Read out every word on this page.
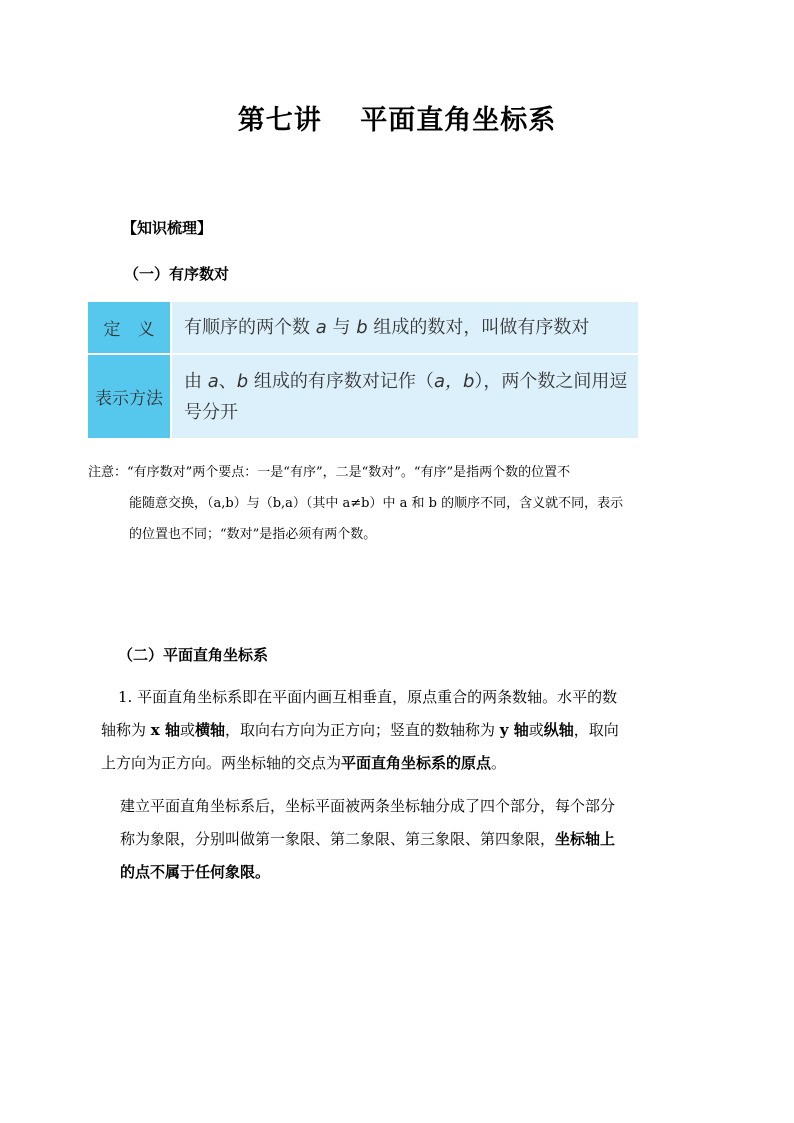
第七讲　 平面直角坐标系
【知识梳理】
（一）有序数对
定　义	有顺序的两个数 a 与 b 组成的数对，叫做有序数对
表示方法	由 a、b 组成的有序数对记作（a，b），两个数之间用逗
号分开
注意：“有序数对”两个要点：一是“有序”，二是“数对”。“有序”是指两个数的位置不
能随意交换，（a,b）与（b,a）（其中 a≠b）中 a 和 b 的顺序不同，含义就不同，表示
的位置也不同；“数对”是指必须有两个数。
（二）平面直角坐标系
1. 平面直角坐标系即在平面内画互相垂直，原点重合的两条数轴。水平的数
轴称为 x 轴或横轴，取向右方向为正方向；竖直的数轴称为 y 轴或纵轴，取向
上方向为正方向。两坐标轴的交点为平面直角坐标系的原点。
建立平面直角坐标系后，坐标平面被两条坐标轴分成了四个部分，每个部分
称为象限，分别叫做第一象限、第二象限、第三象限、第四象限，坐标轴上
的点不属于任何象限。
